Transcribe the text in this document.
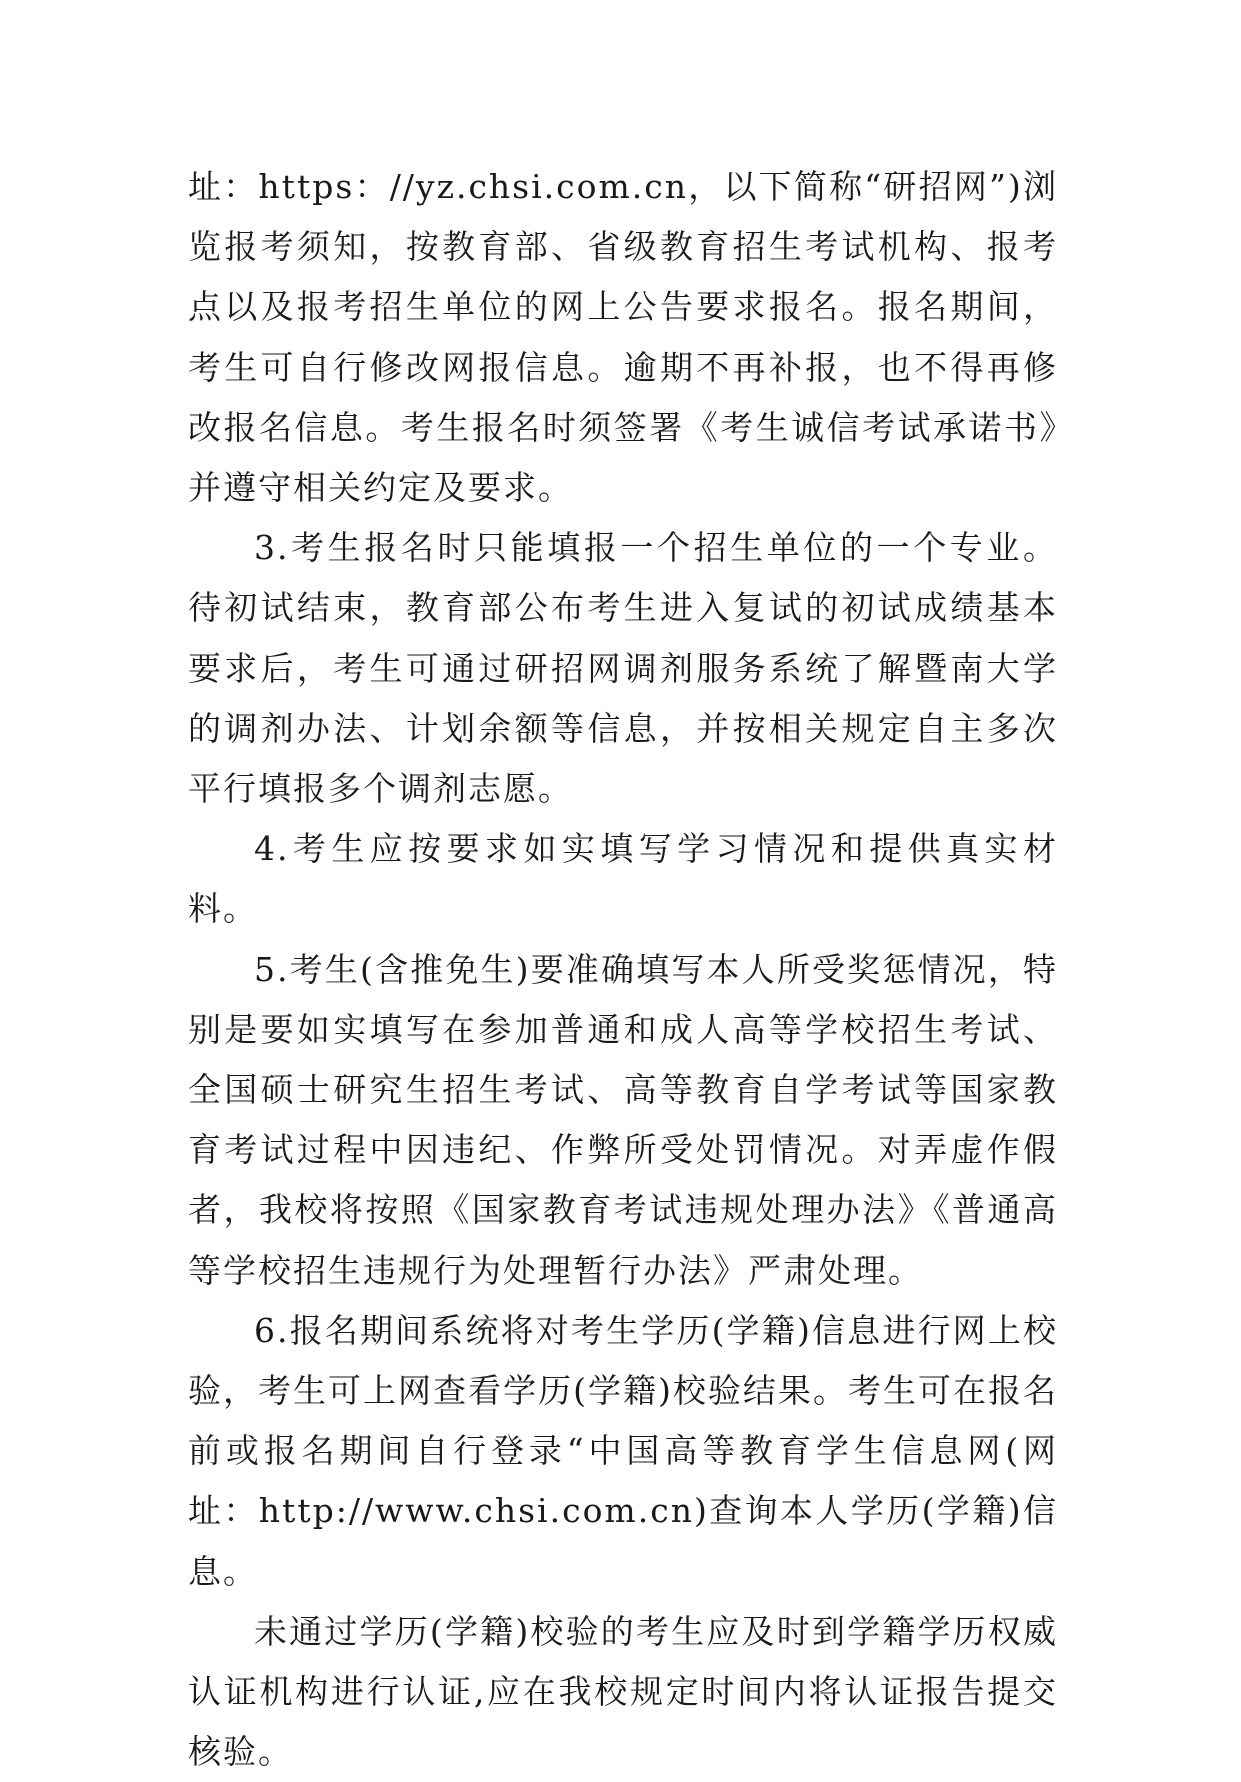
址：https：//yz.chsi.com.cn，以下简称“研招网”)浏览报考须知，按教育部、省级教育招生考试机构、报考点以及报考招生单位的网上公告要求报名。报名期间，考生可自行修改网报信息。逾期不再补报，也不得再修改报名信息。考生报名时须签署《考生诚信考试承诺书》并遵守相关约定及要求。

3.考生报名时只能填报一个招生单位的一个专业。待初试结束，教育部公布考生进入复试的初试成绩基本要求后，考生可通过研招网调剂服务系统了解暨南大学的调剂办法、计划余额等信息，并按相关规定自主多次平行填报多个调剂志愿。

4.考生应按要求如实填写学习情况和提供真实材料。

5.考生(含推免生)要准确填写本人所受奖惩情况，特别是要如实填写在参加普通和成人高等学校招生考试、全国硕士研究生招生考试、高等教育自学考试等国家教育考试过程中因违纪、作弊所受处罚情况。对弄虚作假者，我校将按照《国家教育考试违规处理办法》《普通高等学校招生违规行为处理暂行办法》严肃处理。

6.报名期间系统将对考生学历(学籍)信息进行网上校验，考生可上网查看学历(学籍)校验结果。考生可在报名前或报名期间自行登录“中国高等教育学生信息网(网址：http://www.chsi.com.cn)查询本人学历(学籍)信息。

未通过学历(学籍)校验的考生应及时到学籍学历权威认证机构进行认证,应在我校规定时间内将认证报告提交核验。
